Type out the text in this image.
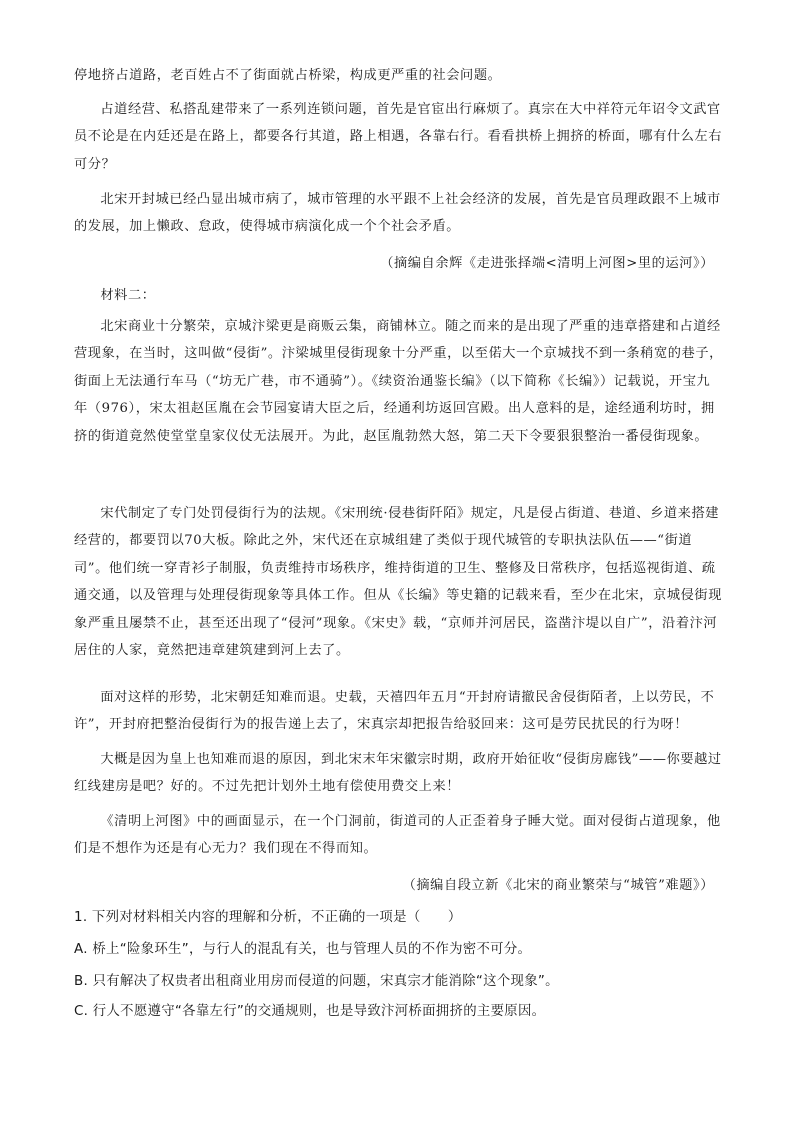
停地挤占道路，老百姓占不了街面就占桥梁，构成更严重的社会问题。

占道经营、私搭乱建带来了一系列连锁问题，首先是官宦出行麻烦了。真宗在大中祥符元年诏令文武官员不论是在内廷还是在路上，都要各行其道，路上相遇，各靠右行。看看拱桥上拥挤的桥面，哪有什么左右可分？

北宋开封城已经凸显出城市病了，城市管理的水平跟不上社会经济的发展，首先是官员理政跟不上城市的发展，加上懒政、怠政，使得城市病演化成一个个社会矛盾。

（摘编自余辉《走进张择端<清明上河图>里的运河》）

材料二：

北宋商业十分繁荣，京城汴梁更是商贩云集，商铺林立。随之而来的是出现了严重的违章搭建和占道经营现象，在当时，这叫做“侵街”。汴梁城里侵街现象十分严重，以至偌大一个京城找不到一条稍宽的巷子，街面上无法通行车马（“坊无广巷，市不通骑”）。《续资治通鉴长编》（以下简称《长编》）记载说，开宝九年（976），宋太祖赵匡胤在会节园宴请大臣之后，经通利坊返回宫殿。出人意料的是，途经通利坊时，拥挤的街道竟然使堂堂皇家仪仗无法展开。为此，赵匡胤勃然大怒，第二天下令要狠狠整治一番侵街现象。

宋代制定了专门处罚侵街行为的法规。《宋刑统·侵巷街阡陌》规定，凡是侵占街道、巷道、乡道来搭建经营的，都要罚以70大板。除此之外，宋代还在京城组建了类似于现代城管的专职执法队伍——“街道司”。他们统一穿青衫子制服，负责维持市场秩序，维持街道的卫生、整修及日常秩序，包括巡视街道、疏通交通，以及管理与处理侵街现象等具体工作。但从《长编》等史籍的记载来看，至少在北宋，京城侵街现象严重且屡禁不止，甚至还出现了“侵河”现象。《宋史》载，“京师并河居民，盗凿汴堤以自广”，沿着汴河居住的人家，竟然把违章建筑建到河上去了。

面对这样的形势，北宋朝廷知难而退。史载，天禧四年五月“开封府请撤民舍侵街陌者，上以劳民，不许”，开封府把整治侵街行为的报告递上去了，宋真宗却把报告给驳回来：这可是劳民扰民的行为呀！

大概是因为皇上也知难而退的原因，到北宋末年宋徽宗时期，政府开始征收“侵街房廊钱”——你要越过红线建房是吧？好的。不过先把计划外土地有偿使用费交上来！

《清明上河图》中的画面显示，在一个门洞前，街道司的人正歪着身子睡大觉。面对侵街占道现象，他们是不想作为还是有心无力？我们现在不得而知。

（摘编自段立新《北宋的商业繁荣与“城管”难题》）

1. 下列对材料相关内容的理解和分析，不正确的一项是（　　）

A. 桥上“险象环生”，与行人的混乱有关，也与管理人员的不作为密不可分。

B. 只有解决了权贵者出租商业用房而侵道的问题，宋真宗才能消除“这个现象”。

C. 行人不愿遵守“各靠左行”的交通规则，也是导致汴河桥面拥挤的主要原因。
